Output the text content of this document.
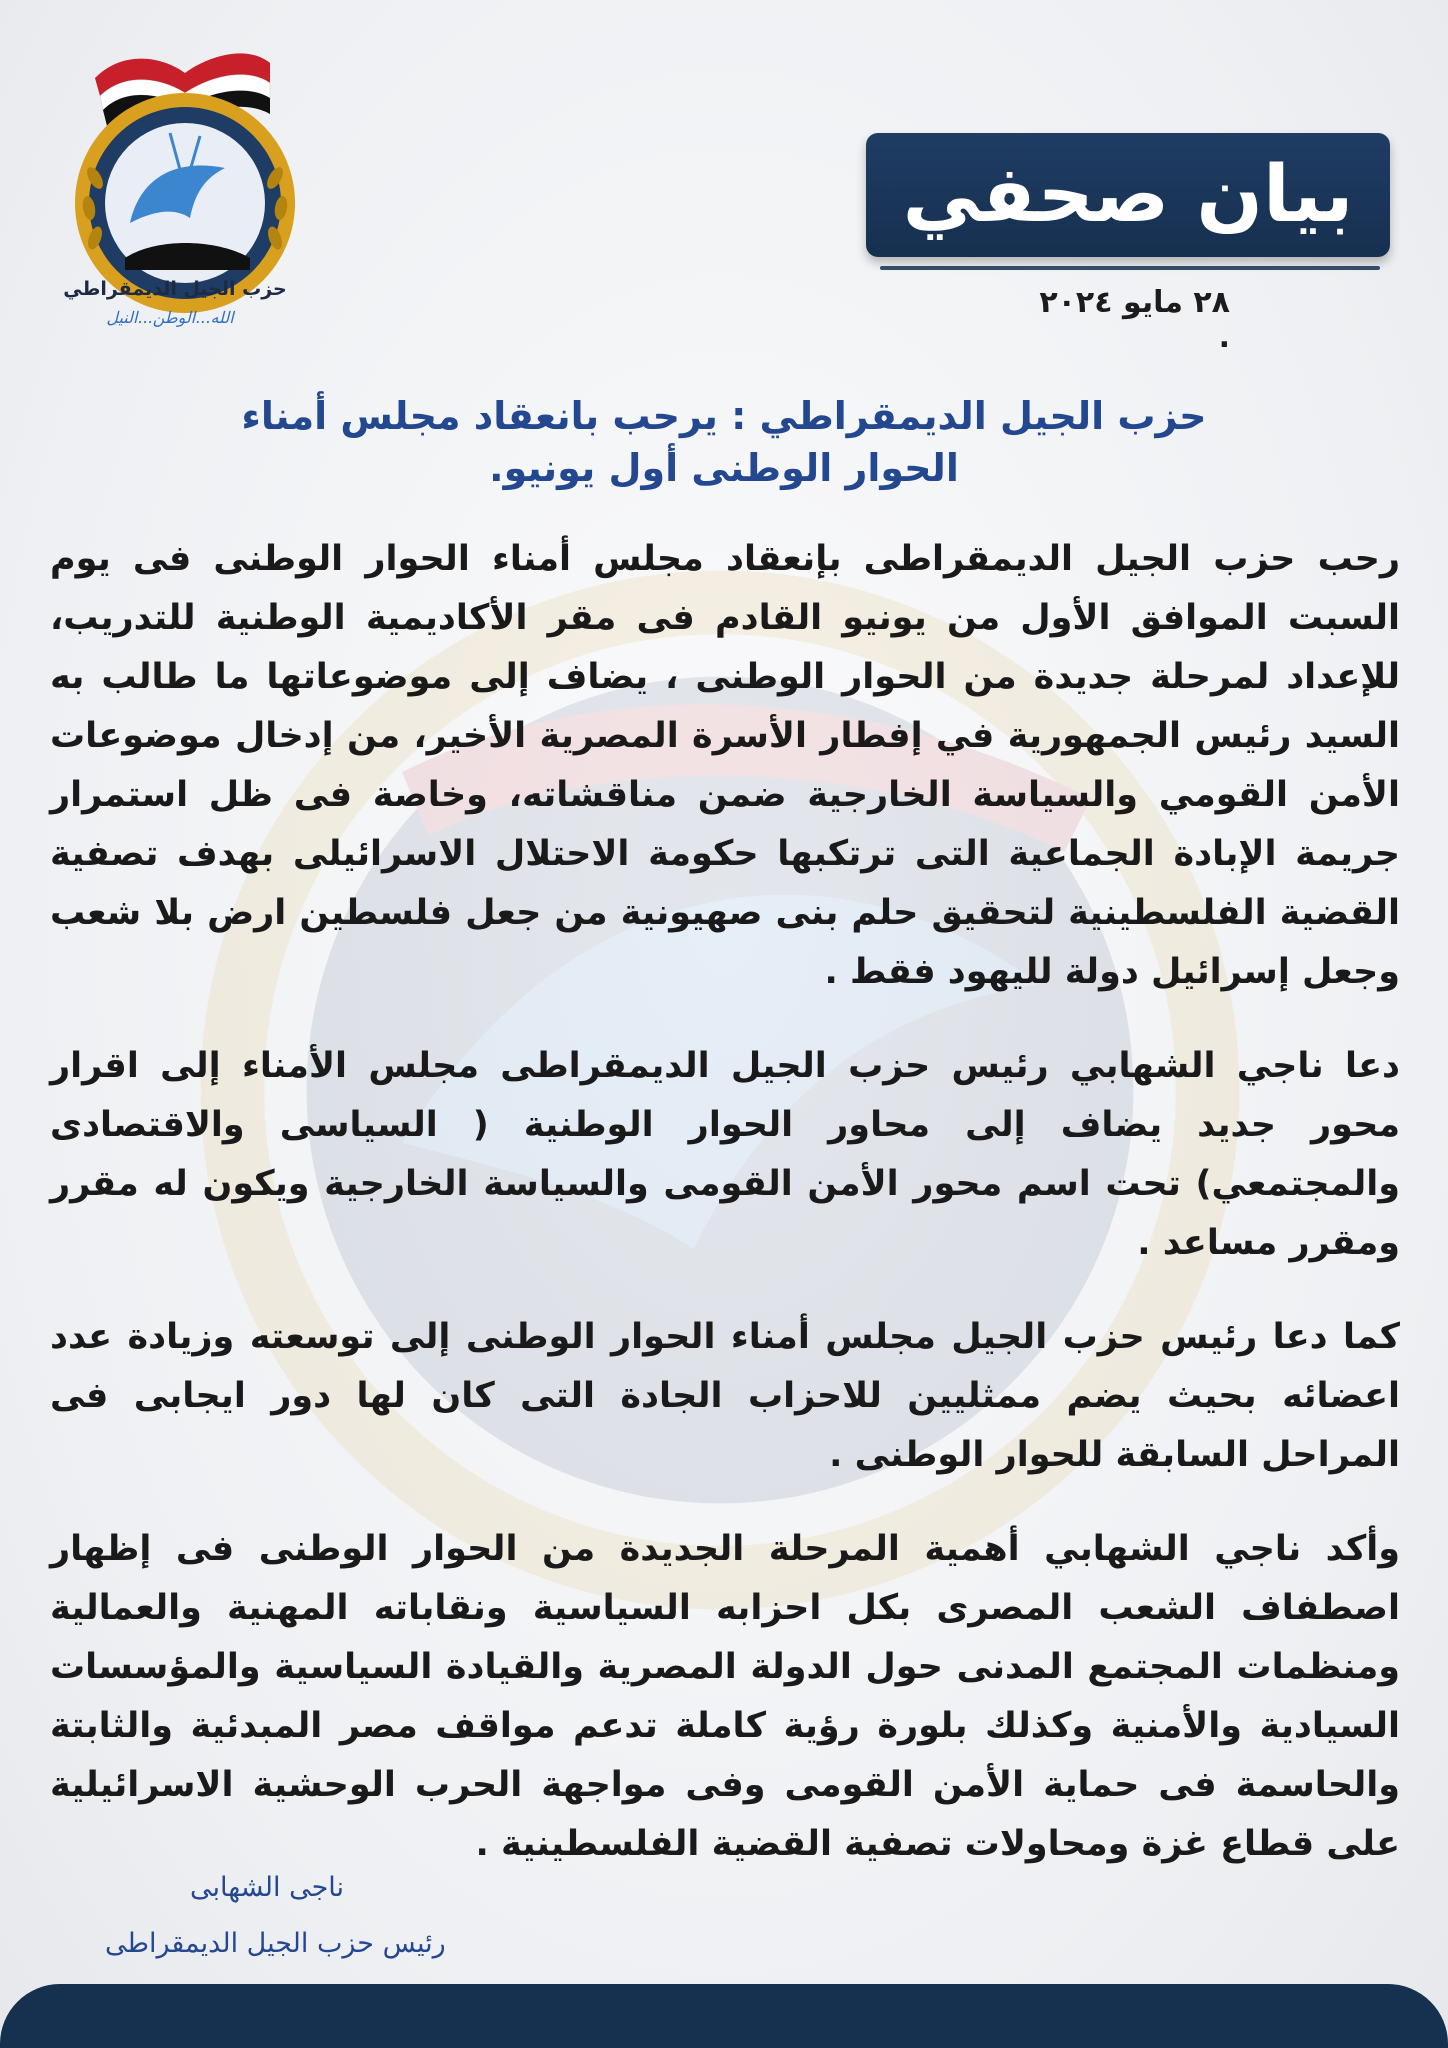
حزب الجيل الديمقراطي
الله...الوطن...النيل
بيان صحفي
٢٨ مايو ٢٠٢٤ .
حزب الجيل الديمقراطي : يرحب بانعقاد مجلس أمناء
الحوار الوطنى أول يونيو.

رحب حزب الجيل الديمقراطى بإنعقاد مجلس أمناء الحوار الوطنى فى يوم السبت الموافق الأول من يونيو القادم فى مقر الأكاديمية الوطنية للتدريب، للإعداد لمرحلة جديدة من الحوار الوطنى ، يضاف إلى موضوعاتها ما طالب به السيد رئيس الجمهورية في إفطار الأسرة المصرية الأخير، من إدخال موضوعات الأمن القومي والسياسة الخارجية ضمن مناقشاته، وخاصة فى ظل استمرار جريمة الإبادة الجماعية التى ترتكبها حكومة الاحتلال الاسرائيلى بهدف تصفية القضية الفلسطينية لتحقيق حلم بنى صهيونية من جعل فلسطين ارض بلا شعب وجعل إسرائيل دولة لليهود فقط .

دعا ناجي الشهابي رئيس حزب الجيل الديمقراطى مجلس الأمناء إلى اقرار محور جديد يضاف إلى محاور الحوار الوطنية ( السياسى والاقتصادى والمجتمعي) تحت اسم محور الأمن القومى والسياسة الخارجية ويكون له مقرر ومقرر مساعد .

كما دعا رئيس حزب الجيل مجلس أمناء الحوار الوطنى إلى توسعته وزيادة عدد اعضائه بحيث يضم ممثليين للاحزاب الجادة التى كان لها دور ايجابى فى المراحل السابقة للحوار الوطنى .

وأكد ناجي الشهابي أهمية المرحلة الجديدة من الحوار الوطنى فى إظهار اصطفاف الشعب المصرى بكل احزابه السياسية ونقاباته المهنية والعمالية ومنظمات المجتمع المدنى حول الدولة المصرية والقيادة السياسية والمؤسسات السيادية والأمنية وكذلك بلورة رؤية كاملة تدعم مواقف مصر المبدئية والثابتة والحاسمة فى حماية الأمن القومى وفى مواجهة الحرب الوحشية الاسرائيلية على قطاع غزة ومحاولات تصفية القضية الفلسطينية .

ناجى الشهابى
رئيس حزب الجيل الديمقراطى
